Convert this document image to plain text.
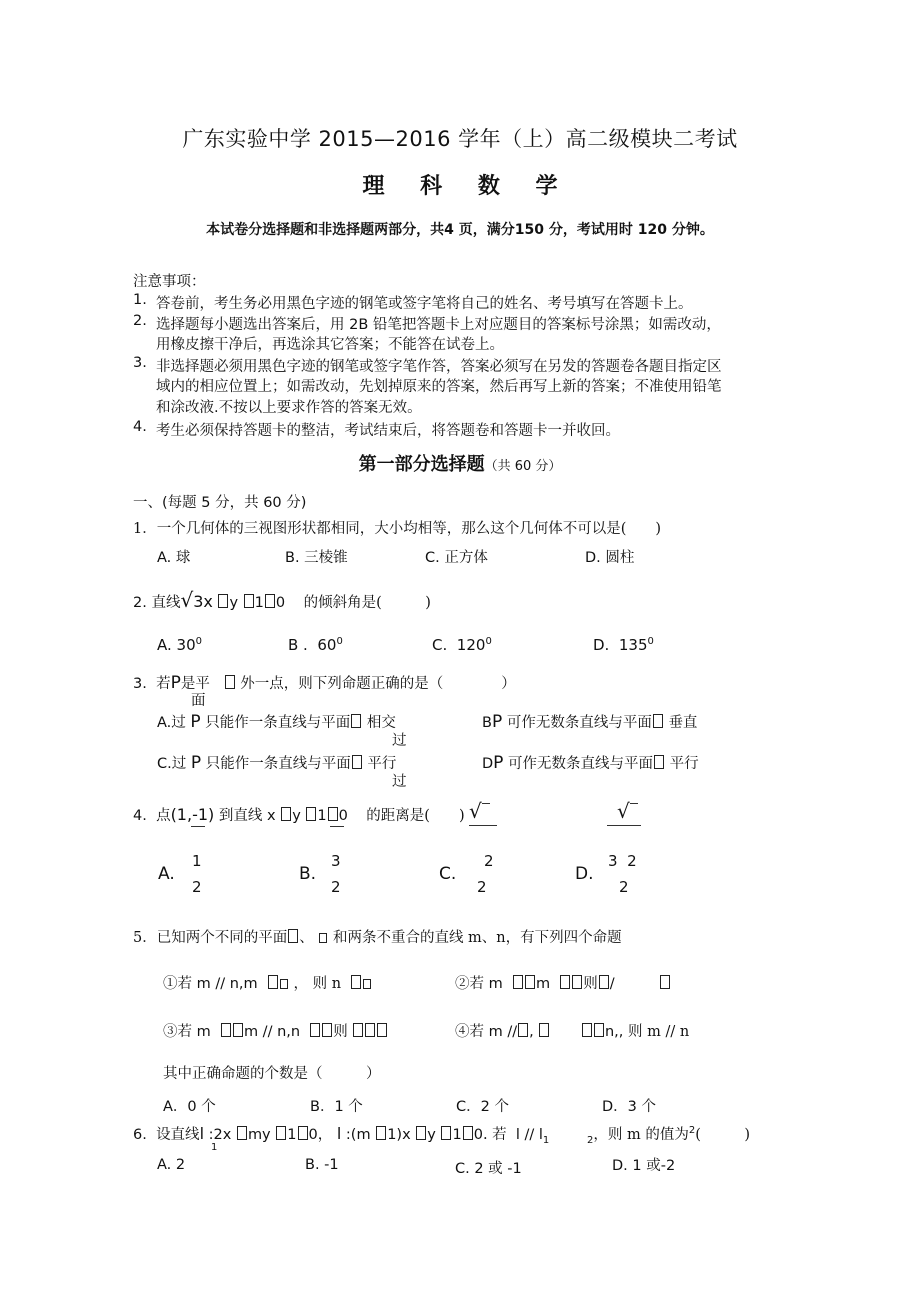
广东实验中学 2015—2016 学年（上）高二级模块二考试
理 科 数 学
本试卷分选择题和非选择题两部分，共4 页，满分150 分，考试用时 120 分钟。
注意事项：
1. 答卷前，考生务必用黑色字迹的钢笔或签字笔将自己的姓名、考号填写在答题卡上。
2. 选择题每小题选出答案后，用 2B 铅笔把答题卡上对应题目的答案标号涂黑；如需改动，
用橡皮擦干净后，再选涂其它答案；不能答在试卷上。
3. 非选择题必须用黑色字迹的钢笔或签字笔作答，答案必须写在另发的答题卷各题目指定区
域内的相应位置上；如需改动，先划掉原来的答案，然后再写上新的答案；不准使用铅笔
和涂改液.不按以上要求作答的答案无效。
4. 考生必须保持答题卡的整洁，考试结束后，将答题卷和答题卡一并收回。
第一部分选择题（共 60 分）
一、(每题 5 分，共 60 分)
1．一个几何体的三视图形状都相同，大小均相等，那么这个几何体不可以是(　　)
A. 球	B. 三棱锥	C. 正方体	D. 圆柱
2. 直线√3x y 1 0 的倾斜角是(　　　)
A. $30^0$	B . $60^0$	C. $120^0$	D. $135^0$
3. 若P是平 外一点，则下列命题正确的是（　　　　）
面
A.过 P 只能作一条直线与平面 相交
过
BP 可作无数条直线与平面 垂直
C.过 P 只能作一条直线与平面 平行
过
DP 可作无数条直线与平面 平行
4. 点(1,-1) 到直线 x y 1 0 的距离是(　　) √	√
A.
1
2
B.
3
2
C.
2
2
D.
3  2
2
5．已知两个不同的平面 、 和两条不重合的直线 m、n，有下列四个命题
①若 m // n,m ， 则 n	②若 m m 则 /
③若 m m // n,n 则	④若 m // ,	n,, 则 m // n
其中正确命题的个数是（　　　）
A．0 个	B．1 个	C．2 个	D．3 个
6. 设直线l :2x my 1 0， l :(m 1)x y 1 0. 若 l // $l_1$
1
$_2$，则 m 的值为$^2$(　　　)
A. 2	B. -1	C. 2 或 -1	D. 1 或-2
